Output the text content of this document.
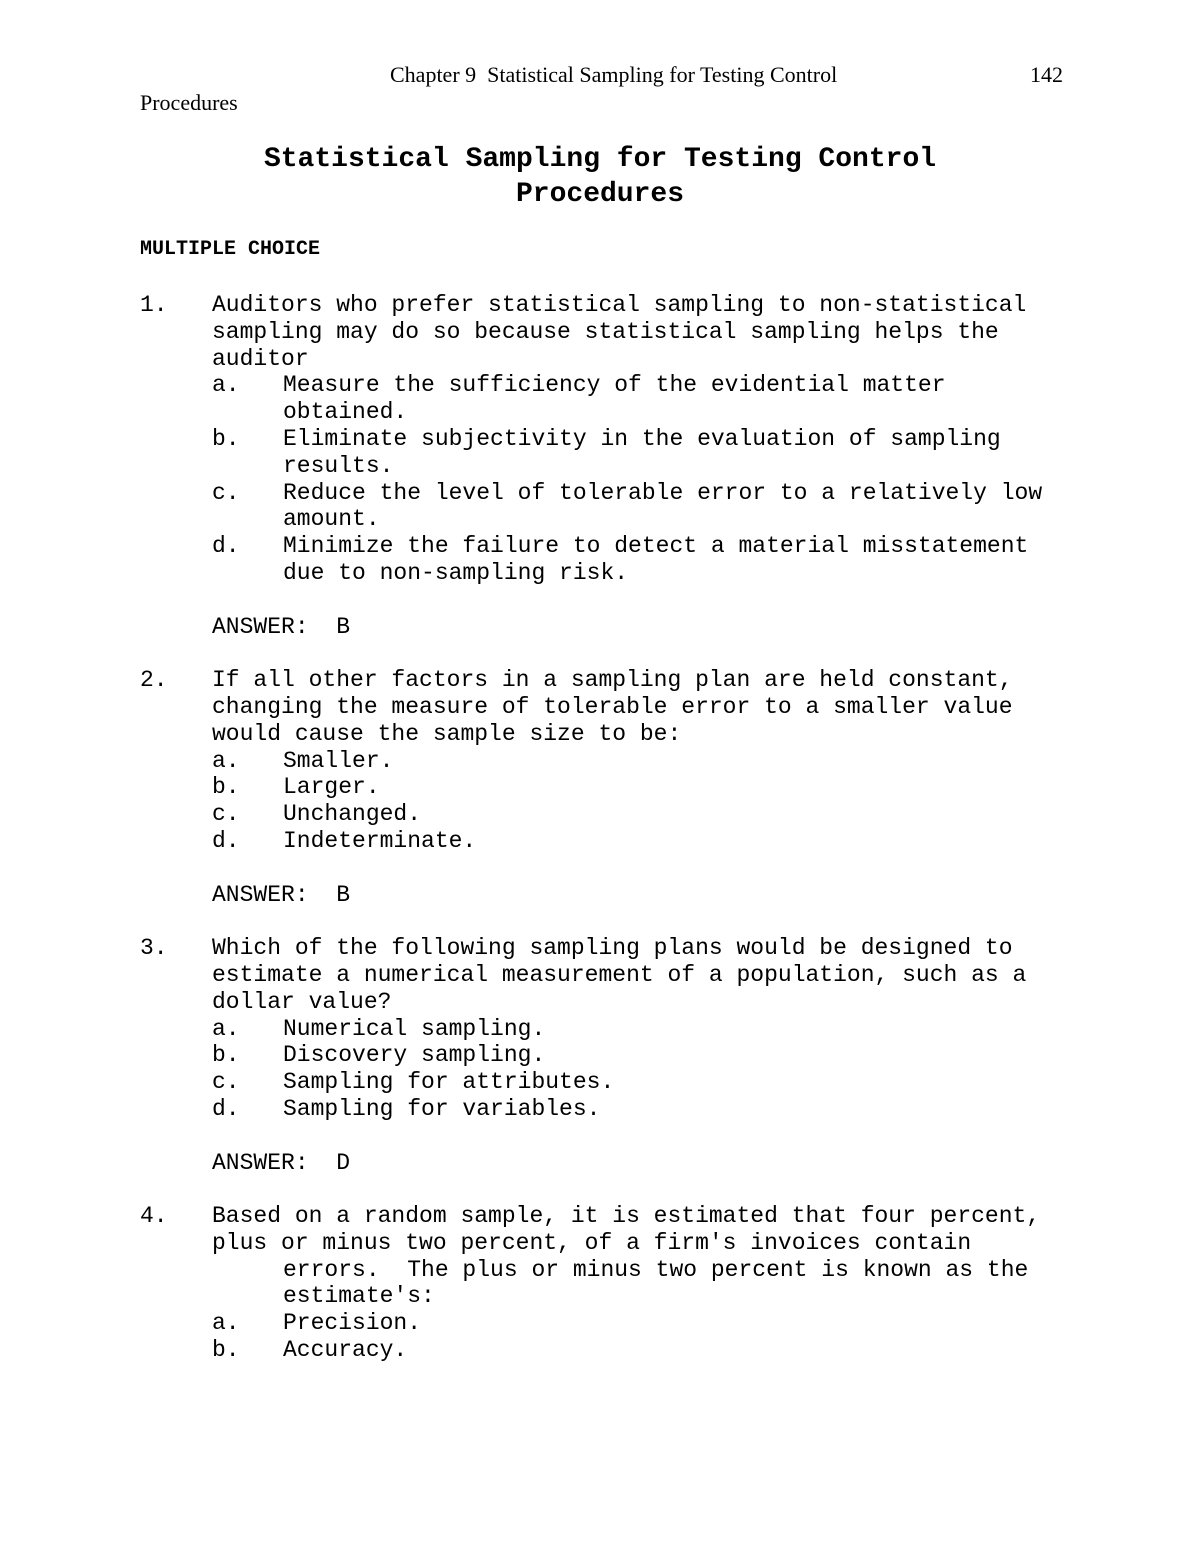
Chapter 9  Statistical Sampling for Testing Control	142
Procedures
Statistical Sampling for Testing Control
Procedures
MULTIPLE CHOICE
1.	Auditors who prefer statistical sampling to non-statistical
sampling may do so because statistical sampling helps the
auditor
a.	Measure the sufficiency of the evidential matter
obtained.
b.	Eliminate subjectivity in the evaluation of sampling
results.
c.	Reduce the level of tolerable error to a relatively low
amount.
d.	Minimize the failure to detect a material misstatement
due to non-sampling risk.
ANSWER:  B
2.	If all other factors in a sampling plan are held constant,
changing the measure of tolerable error to a smaller value
would cause the sample size to be:
a.	Smaller.
b.	Larger.
c.	Unchanged.
d.	Indeterminate.
ANSWER:  B
3.	Which of the following sampling plans would be designed to
estimate a numerical measurement of a population, such as a
dollar value?
a.	Numerical sampling.
b.	Discovery sampling.
c.	Sampling for attributes.
d.	Sampling for variables.
ANSWER:  D
4.	Based on a random sample, it is estimated that four percent,
plus or minus two percent, of a firm's invoices contain
errors.  The plus or minus two percent is known as the
estimate's:
a.	Precision.
b.	Accuracy.
